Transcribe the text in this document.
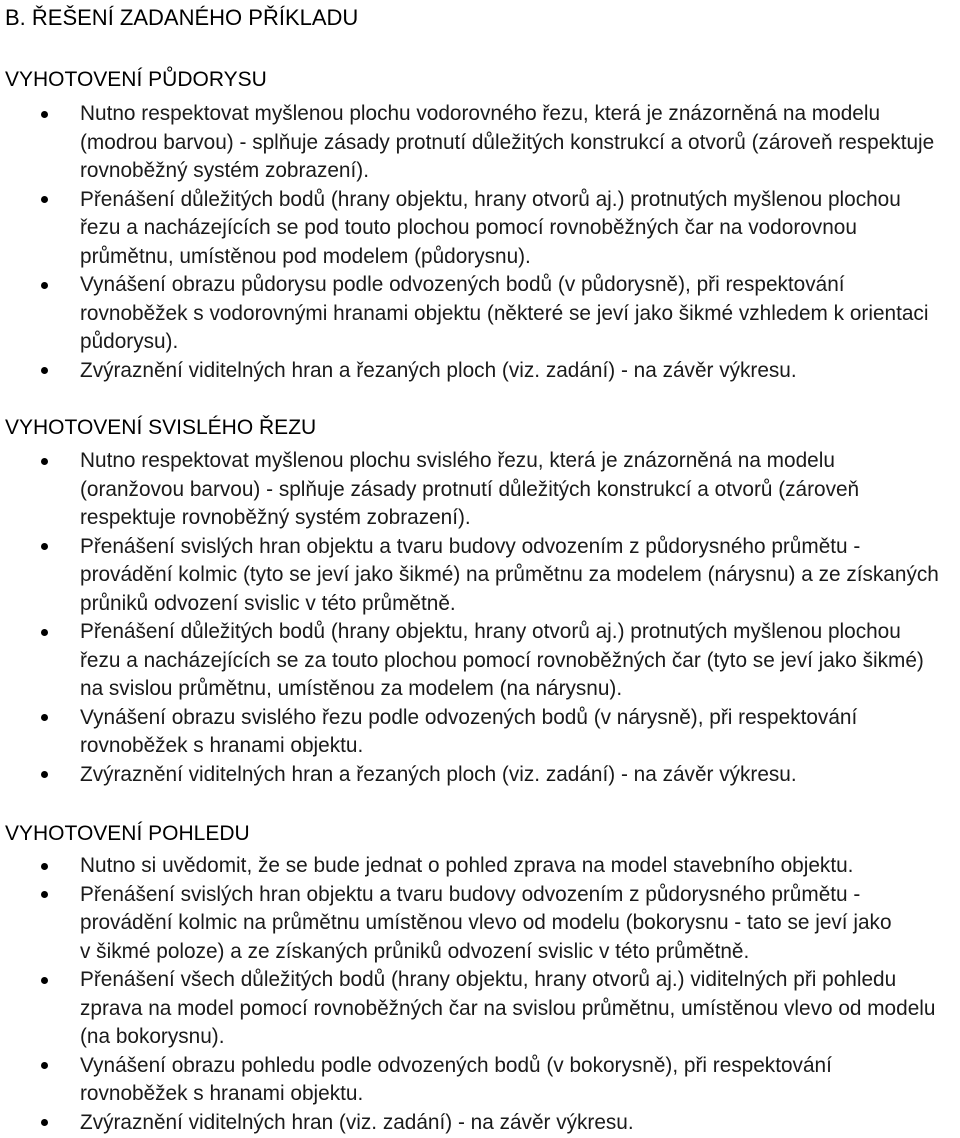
B. ŘEŠENÍ ZADANÉHO PŘÍKLADU
VYHOTOVENÍ PŮDORYSU
Nutno respektovat myšlenou plochu vodorovného řezu, která je znázorněná na modelu
(modrou barvou) - splňuje zásady protnutí důležitých konstrukcí a otvorů (zároveň respektuje
rovnoběžný systém zobrazení).
Přenášení důležitých bodů (hrany objektu, hrany otvorů aj.) protnutých myšlenou plochou
řezu a nacházejících se pod touto plochou pomocí rovnoběžných čar na vodorovnou
průmětnu, umístěnou pod modelem (půdorysnu).
Vynášení obrazu půdorysu podle odvozených bodů (v půdorysně), při respektování
rovnoběžek s vodorovnými hranami objektu (některé se jeví jako šikmé vzhledem k orientaci
půdorysu).
Zvýraznění viditelných hran a řezaných ploch (viz. zadání) - na závěr výkresu.
VYHOTOVENÍ SVISLÉHO ŘEZU
Nutno respektovat myšlenou plochu svislého řezu, která je znázorněná na modelu
(oranžovou barvou) - splňuje zásady protnutí důležitých konstrukcí a otvorů (zároveň
respektuje rovnoběžný systém zobrazení).
Přenášení svislých hran objektu a tvaru budovy odvozením z půdorysného průmětu -
provádění kolmic (tyto se jeví jako šikmé) na průmětnu za modelem (nárysnu) a ze získaných
průniků odvození svislic v této průmětně.
Přenášení důležitých bodů (hrany objektu, hrany otvorů aj.) protnutých myšlenou plochou
řezu a nacházejících se za touto plochou pomocí rovnoběžných čar (tyto se jeví jako šikmé)
na svislou průmětnu, umístěnou za modelem (na nárysnu).
Vynášení obrazu svislého řezu podle odvozených bodů (v nárysně), při respektování
rovnoběžek s hranami objektu.
Zvýraznění viditelných hran a řezaných ploch (viz. zadání) - na závěr výkresu.
VYHOTOVENÍ POHLEDU
Nutno si uvědomit, že se bude jednat o pohled zprava na model stavebního objektu.
Přenášení svislých hran objektu a tvaru budovy odvozením z půdorysného průmětu -
provádění kolmic na průmětnu umístěnou vlevo od modelu (bokorysnu - tato se jeví jako
v šikmé poloze) a ze získaných průniků odvození svislic v této průmětně.
Přenášení všech důležitých bodů (hrany objektu, hrany otvorů aj.) viditelných při pohledu
zprava na model pomocí rovnoběžných čar na svislou průmětnu, umístěnou vlevo od modelu
(na bokorysnu).
Vynášení obrazu pohledu podle odvozených bodů (v bokorysně), při respektování
rovnoběžek s hranami objektu.
Zvýraznění viditelných hran (viz. zadání) - na závěr výkresu.
